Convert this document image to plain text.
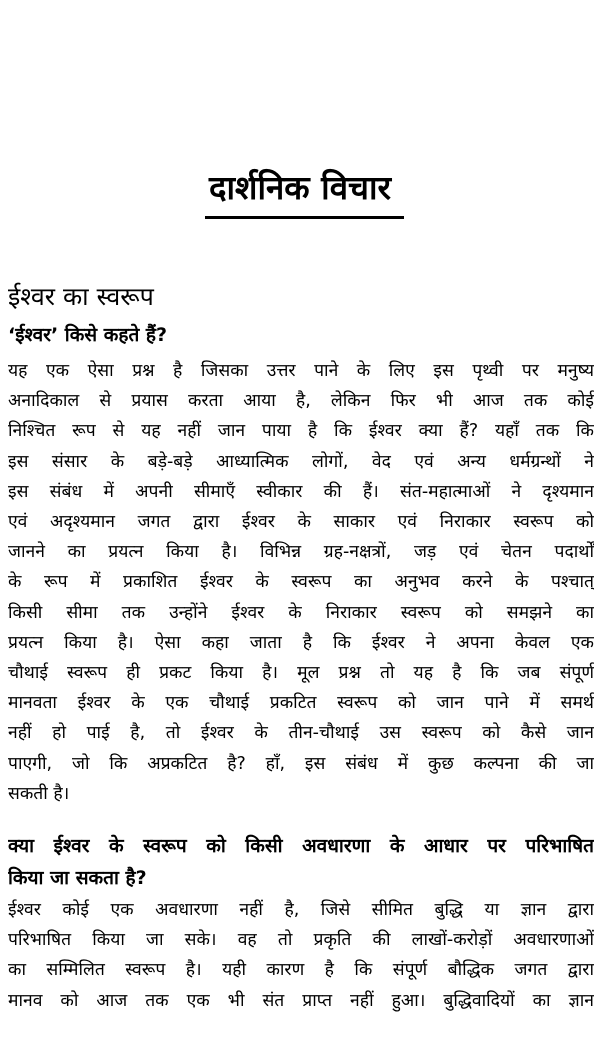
दार्शनिक विचार
ईश्वर का स्वरूप
‘ईश्वर’ किसे कहते हैं?
यह एक ऐसा प्रश्न है जिसका उत्तर पाने के लिए इस पृथ्वी पर मनुष्य
अनादिकाल से प्रयास करता आया है, लेकिन फिर भी आज तक कोई
निश्चित रूप से यह नहीं जान पाया है कि ईश्वर क्या हैं? यहाँ तक कि
इस संसार के बड़े-बड़े आध्यात्मिक लोगों, वेद एवं अन्य धर्मग्रन्थों ने
इस संबंध में अपनी सीमाएँ स्वीकार की हैं। संत-महात्माओं ने दृश्यमान
एवं अदृश्यमान जगत द्वारा ईश्वर के साकार एवं निराकार स्वरूप को
जानने का प्रयत्न किया है। विभिन्न ग्रह-नक्षत्रों, जड़ एवं चेतन पदार्थों
के रूप में प्रकाशित ईश्वर के स्वरूप का अनुभव करने के पश्चात्
किसी सीमा तक उन्होंने ईश्वर के निराकार स्वरूप को समझने का
प्रयत्न किया है। ऐसा कहा जाता है कि ईश्वर ने अपना केवल एक
चौथाई स्वरूप ही प्रकट किया है। मूल प्रश्न तो यह है कि जब संपूर्ण
मानवता ईश्वर के एक चौथाई प्रकटित स्वरूप को जान पाने में समर्थ
नहीं हो पाई है, तो ईश्वर के तीन-चौथाई उस स्वरूप को कैसे जान
पाएगी, जो कि अप्रकटित है? हाँ, इस संबंध में कुछ कल्पना की जा
सकती है।
क्या ईश्वर के स्वरूप को किसी अवधारणा के आधार पर परिभाषित
किया जा सकता है?
ईश्वर कोई एक अवधारणा नहीं है, जिसे सीमित बुद्धि या ज्ञान द्वारा
परिभाषित किया जा सके। वह तो प्रकृति की लाखों-करोड़ों अवधारणाओं
का सम्मिलित स्वरूप है। यही कारण है कि संपूर्ण बौद्धिक जगत द्वारा
मानव को आज तक एक भी संत प्राप्त नहीं हुआ। बुद्धिवादियों का ज्ञान
